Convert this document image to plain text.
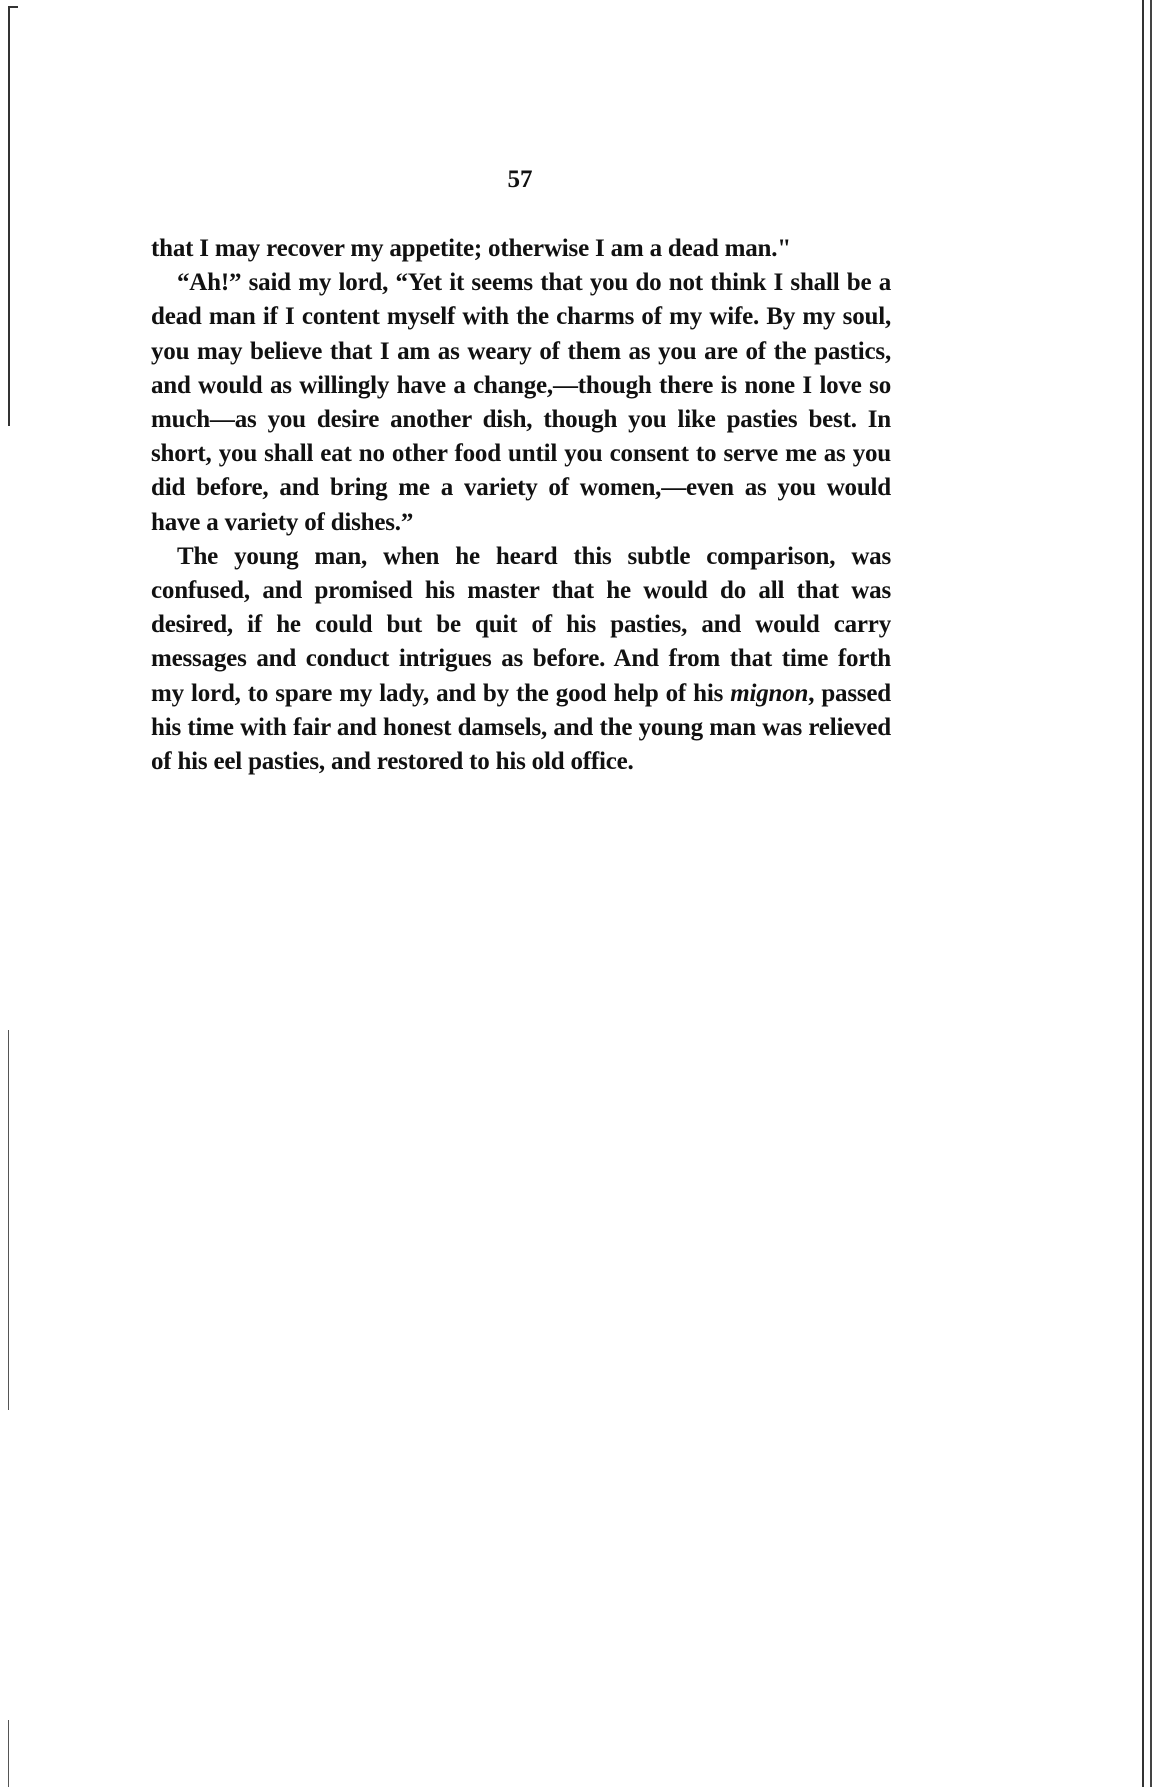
57

that I may recover my appetite; otherwise I am a dead man."

“Ah!” said my lord, “Yet it seems that you do not think I shall be a dead man if I content myself with the charms of my wife. By my soul, you may believe that I am as weary of them as you are of the pastics, and would as willingly have a change,—though there is none I love so much—as you desire another dish, though you like pasties best. In short, you shall eat no other food until you consent to serve me as you did before, and bring me a variety of women,—even as you would have a variety of dishes.”

The young man, when he heard this subtle comparison, was confused, and promised his master that he would do all that was desired, if he could but be quit of his pasties, and would carry messages and conduct intrigues as before. And from that time forth my lord, to spare my lady, and by the good help of his mignon, passed his time with fair and honest damsels, and the young man was relieved of his eel pasties, and restored to his old office.
